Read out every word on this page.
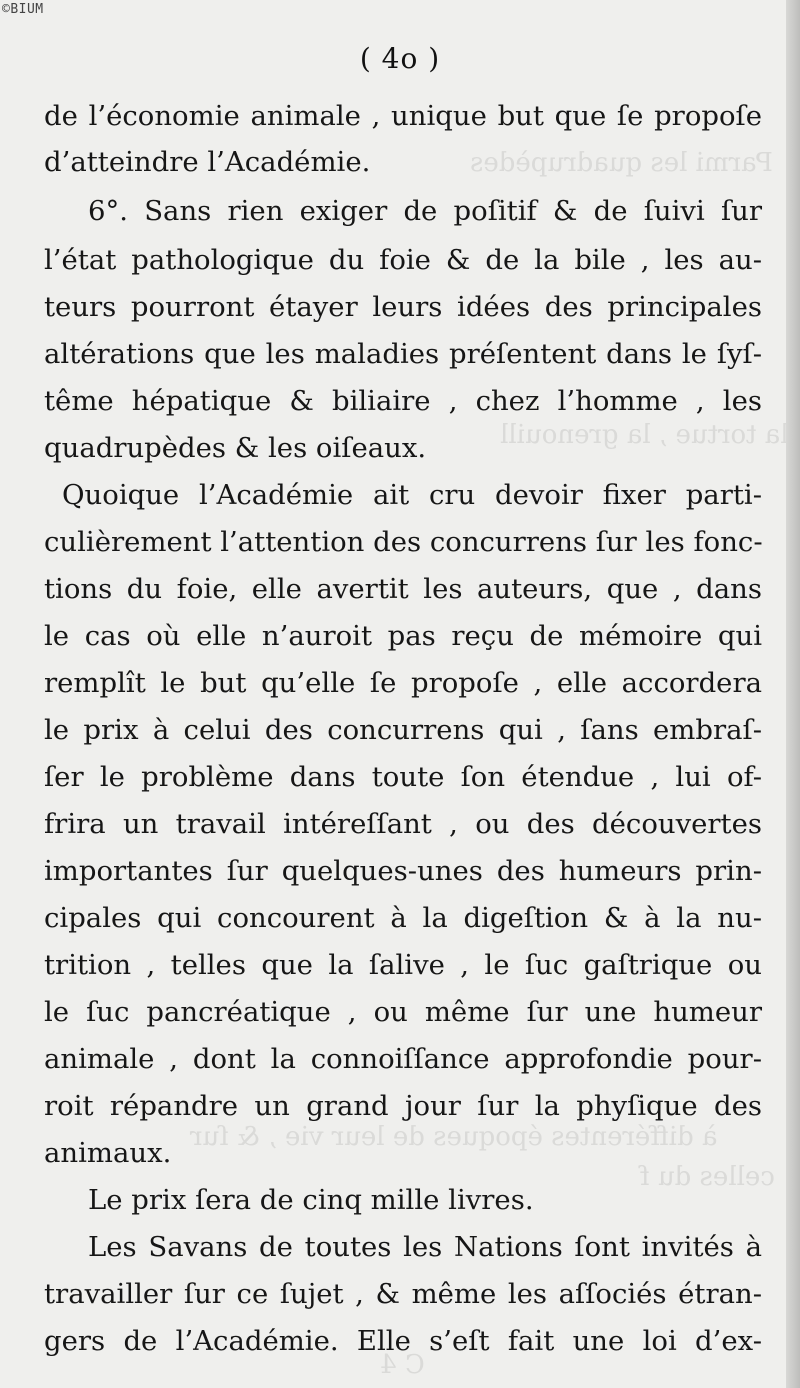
©BIUM
Parmi les quadrupèdes
la tortue , la grenouill
à différentes époques de leur vie , & ſur
celles du f
C 4
( 4o )
de l’économie animale , unique but que ſe propoſe
d’atteindre l’Académie.
6°. Sans rien exiger de poſitif & de ſuivi ſur
l’état pathologique du foie & de la bile , les au-
teurs pourront étayer leurs idées des principales
altérations que les maladies préſentent dans le ſyſ-
tême hépatique & biliaire , chez l’homme , les
quadrupèdes & les oiſeaux.
Quoique l’Académie ait cru devoir fixer parti-
culièrement l’attention des concurrens ſur les fonc-
tions du foie, elle avertit les auteurs, que , dans
le cas où elle n’auroit pas reçu de mémoire qui
remplît le but qu’elle ſe propoſe , elle accordera
le prix à celui des concurrens qui , ſans embraſ-
ſer le problème dans toute ſon étendue , lui of-
frira un travail intéreſſant , ou des découvertes
importantes ſur quelques-unes des humeurs prin-
cipales qui concourent à la digeſtion & à la nu-
trition , telles que la ſalive , le ſuc gaſtrique ou
le ſuc pancréatique , ou même ſur une humeur
animale , dont la connoiſſance approfondie pour-
roit répandre un grand jour ſur la phyſique des
animaux.
Le prix ſera de cinq mille livres.
Les Savans de toutes les Nations ſont invités à
travailler ſur ce ſujet , & même les aſſociés étran-
gers de l’Académie. Elle s’eſt fait une loi d’ex-
